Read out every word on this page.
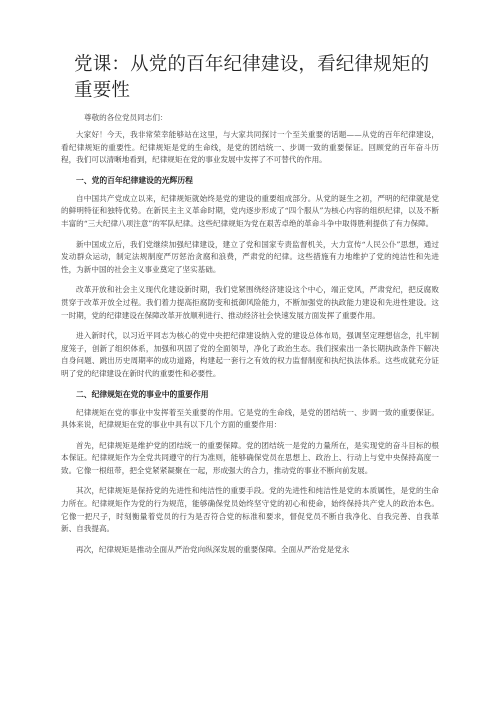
党课：从党的百年纪律建设，看纪律规矩的重要性
尊敬的各位党员同志们：

大家好！今天，我非常荣幸能够站在这里，与大家共同探讨一个至关重要的话题——从党的百年纪律建设，看纪律规矩的重要性。纪律规矩是党的生命线，是党的团结统一、步调一致的重要保证。回顾党的百年奋斗历程，我们可以清晰地看到，纪律规矩在党的事业发展中发挥了不可替代的作用。

一、党的百年纪律建设的光辉历程

自中国共产党成立以来，纪律规矩就始终是党的建设的重要组成部分。从党的诞生之初，严明的纪律就是党的鲜明特征和独特优势。在新民主主义革命时期，党内逐步形成了“四个服从”为核心内容的组织纪律，以及不断丰富的“三大纪律八项注意”的军队纪律。这些纪律规矩为党在艰苦卓绝的革命斗争中取得胜利提供了有力保障。

新中国成立后，我们党继续加强纪律建设，建立了党和国家专责监督机关，大力宣传“人民公仆”思想，通过发动群众运动，制定法规制度严厉惩治贪腐和浪费，严肃党的纪律。这些措施有力地维护了党的纯洁性和先进性，为新中国的社会主义事业奠定了坚实基础。

改革开放和社会主义现代化建设新时期，我们党紧围绕经济建设这个中心，端正党风，严肃党纪，把反腐败贯穿于改革开放全过程。我们着力提高拒腐防变和抵御风险能力，不断加强党的执政能力建设和先进性建设。这一时期，党的纪律建设在保障改革开放顺利进行、推动经济社会快速发展方面发挥了重要作用。

进入新时代，以习近平同志为核心的党中央把纪律建设纳入党的建设总体布局，强调坚定理想信念，扎牢制度笼子，创新了组织体系，加强和巩固了党的全面领导，净化了政治生态。我们探索出一条长期执政条件下解决自身问题、跳出历史周期率的成功道路，构建起一套行之有效的权力监督制度和执纪执法体系。这些成就充分证明了党的纪律建设在新时代的重要性和必要性。

二、纪律规矩在党的事业中的重要作用

纪律规矩在党的事业中发挥着至关重要的作用。它是党的生命线，是党的团结统一、步调一致的重要保证。具体来说，纪律规矩在党的事业中具有以下几个方面的重要作用：

首先，纪律规矩是维护党的团结统一的重要保障。党的团结统一是党的力量所在，是实现党的奋斗目标的根本保证。纪律规矩作为全党共同遵守的行为准则，能够确保党员在思想上、政治上、行动上与党中央保持高度一致。它像一根纽带，把全党紧紧凝聚在一起，形成强大的合力，推动党的事业不断向前发展。

其次，纪律规矩是保持党的先进性和纯洁性的重要手段。党的先进性和纯洁性是党的本质属性，是党的生命力所在。纪律规矩作为党的行为规范，能够确保党员始终坚守党的初心和使命，始终保持共产党人的政治本色。它像一把尺子，时刻衡量着党员的行为是否符合党的标准和要求，督促党员不断自我净化、自我完善、自我革新、自我提高。

再次，纪律规矩是推动全面从严治党向纵深发展的重要保障。全面从严治党是党永
